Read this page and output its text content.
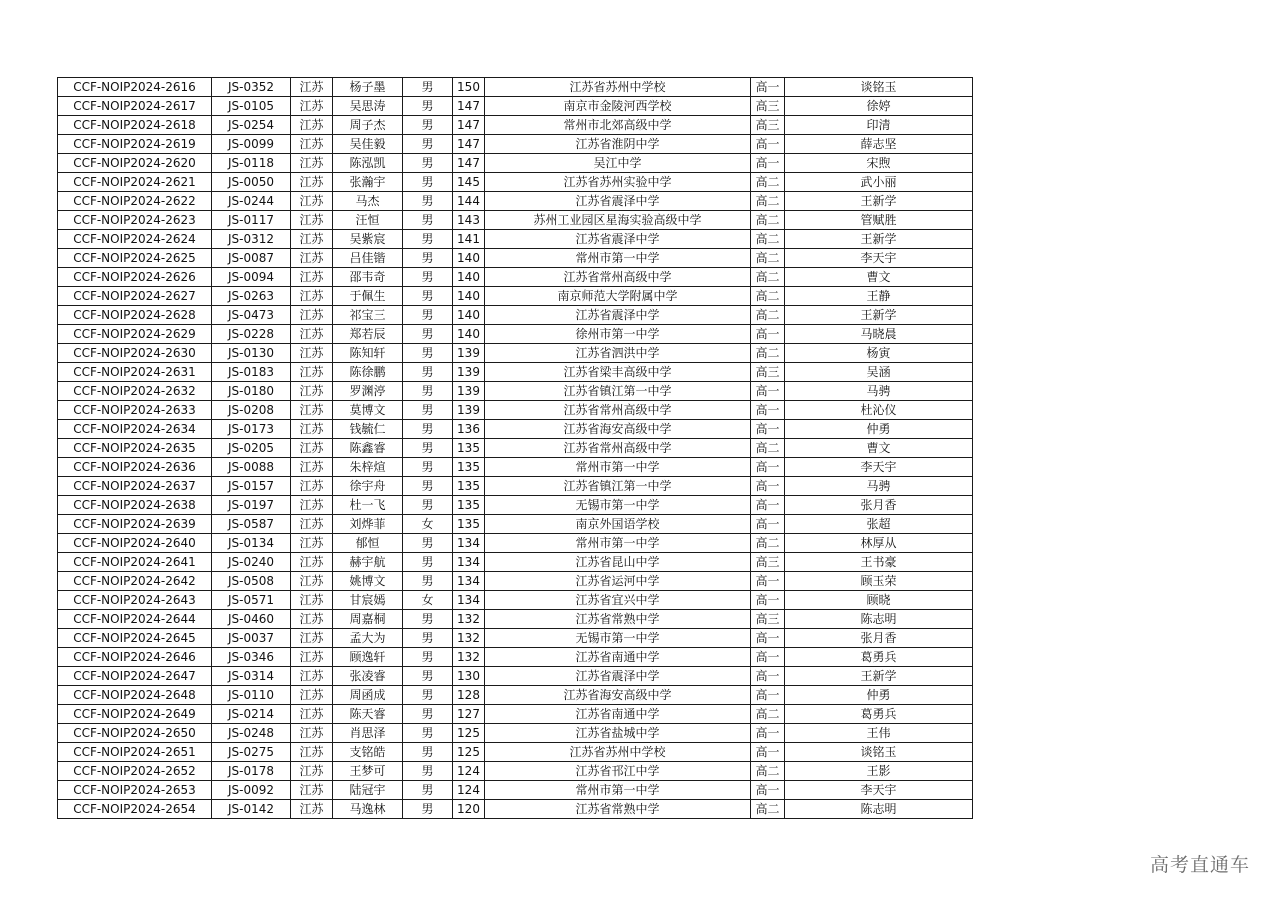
CCF-NOIP2024-2616	JS-0352	江苏	杨子墨	男	150	江苏省苏州中学校	高一	谈铭玉
CCF-NOIP2024-2617	JS-0105	江苏	吴思涛	男	147	南京市金陵河西学校	高三	徐婷
CCF-NOIP2024-2618	JS-0254	江苏	周子杰	男	147	常州市北郊高级中学	高三	印清
CCF-NOIP2024-2619	JS-0099	江苏	吴佳毅	男	147	江苏省淮阴中学	高一	薛志坚
CCF-NOIP2024-2620	JS-0118	江苏	陈泓凯	男	147	吴江中学	高一	宋煦
CCF-NOIP2024-2621	JS-0050	江苏	张瀚宇	男	145	江苏省苏州实验中学	高二	武小丽
CCF-NOIP2024-2622	JS-0244	江苏	马杰	男	144	江苏省震泽中学	高二	王新学
CCF-NOIP2024-2623	JS-0117	江苏	汪恒	男	143	苏州工业园区星海实验高级中学	高二	管赋胜
CCF-NOIP2024-2624	JS-0312	江苏	吴紫宸	男	141	江苏省震泽中学	高二	王新学
CCF-NOIP2024-2625	JS-0087	江苏	吕佳锴	男	140	常州市第一中学	高二	李天宇
CCF-NOIP2024-2626	JS-0094	江苏	邵韦奇	男	140	江苏省常州高级中学	高二	曹文
CCF-NOIP2024-2627	JS-0263	江苏	于佩生	男	140	南京师范大学附属中学	高二	王静
CCF-NOIP2024-2628	JS-0473	江苏	祁宝三	男	140	江苏省震泽中学	高二	王新学
CCF-NOIP2024-2629	JS-0228	江苏	郑若辰	男	140	徐州市第一中学	高一	马晓晨
CCF-NOIP2024-2630	JS-0130	江苏	陈知轩	男	139	江苏省泗洪中学	高二	杨寅
CCF-NOIP2024-2631	JS-0183	江苏	陈徐鹏	男	139	江苏省梁丰高级中学	高三	吴涵
CCF-NOIP2024-2632	JS-0180	江苏	罗渊渟	男	139	江苏省镇江第一中学	高一	马骋
CCF-NOIP2024-2633	JS-0208	江苏	莫博文	男	139	江苏省常州高级中学	高一	杜沁仪
CCF-NOIP2024-2634	JS-0173	江苏	钱毓仁	男	136	江苏省海安高级中学	高一	仲勇
CCF-NOIP2024-2635	JS-0205	江苏	陈鑫睿	男	135	江苏省常州高级中学	高二	曹文
CCF-NOIP2024-2636	JS-0088	江苏	朱梓煊	男	135	常州市第一中学	高一	李天宇
CCF-NOIP2024-2637	JS-0157	江苏	徐宇舟	男	135	江苏省镇江第一中学	高一	马骋
CCF-NOIP2024-2638	JS-0197	江苏	杜一飞	男	135	无锡市第一中学	高一	张月香
CCF-NOIP2024-2639	JS-0587	江苏	刘烨菲	女	135	南京外国语学校	高一	张超
CCF-NOIP2024-2640	JS-0134	江苏	郁恒	男	134	常州市第一中学	高二	林厚从
CCF-NOIP2024-2641	JS-0240	江苏	赫宇航	男	134	江苏省昆山中学	高三	王书豪
CCF-NOIP2024-2642	JS-0508	江苏	姚博文	男	134	江苏省运河中学	高一	顾玉荣
CCF-NOIP2024-2643	JS-0571	江苏	甘宸嫣	女	134	江苏省宜兴中学	高一	顾晓
CCF-NOIP2024-2644	JS-0460	江苏	周嘉桐	男	132	江苏省常熟中学	高三	陈志明
CCF-NOIP2024-2645	JS-0037	江苏	孟大为	男	132	无锡市第一中学	高一	张月香
CCF-NOIP2024-2646	JS-0346	江苏	顾逸轩	男	132	江苏省南通中学	高一	葛勇兵
CCF-NOIP2024-2647	JS-0314	江苏	张凌睿	男	130	江苏省震泽中学	高一	王新学
CCF-NOIP2024-2648	JS-0110	江苏	周函成	男	128	江苏省海安高级中学	高一	仲勇
CCF-NOIP2024-2649	JS-0214	江苏	陈天睿	男	127	江苏省南通中学	高二	葛勇兵
CCF-NOIP2024-2650	JS-0248	江苏	肖思泽	男	125	江苏省盐城中学	高一	王伟
CCF-NOIP2024-2651	JS-0275	江苏	支铭皓	男	125	江苏省苏州中学校	高一	谈铭玉
CCF-NOIP2024-2652	JS-0178	江苏	王梦可	男	124	江苏省邗江中学	高二	王影
CCF-NOIP2024-2653	JS-0092	江苏	陆冠宇	男	124	常州市第一中学	高一	李天宇
CCF-NOIP2024-2654	JS-0142	江苏	马逸林	男	120	江苏省常熟中学	高二	陈志明
高考直通车
